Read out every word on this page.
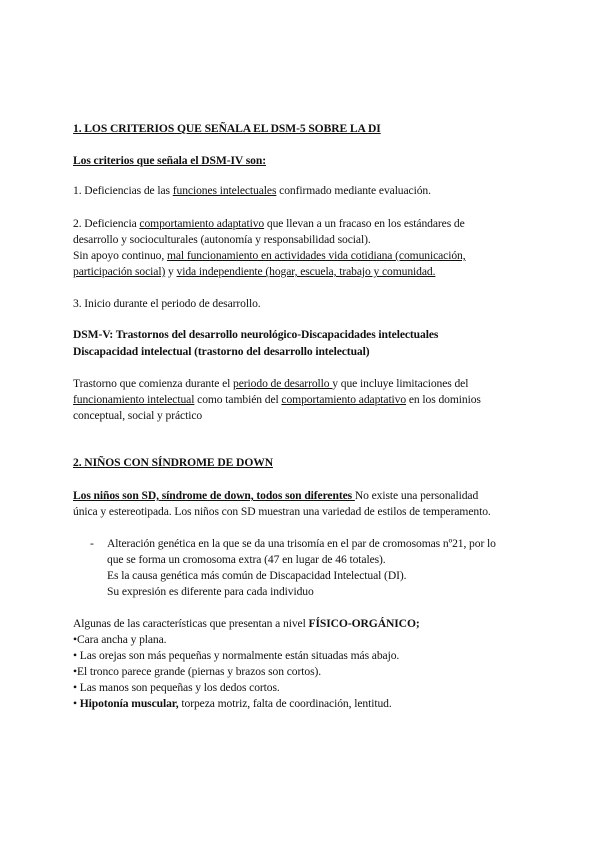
1. LOS CRITERIOS QUE SEÑALA EL DSM-5 SOBRE LA DI
Los criterios que señala el DSM-IV son:
1. Deficiencias de las funciones intelectuales confirmado mediante evaluación.
2. Deficiencia comportamiento adaptativo que llevan a un fracaso en los estándares de
desarrollo y socioculturales (autonomía y responsabilidad social).
Sin apoyo continuo, mal funcionamiento en actividades vida cotidiana (comunicación,
participación social) y vida independiente (hogar, escuela, trabajo y comunidad.
3. Inicio durante el periodo de desarrollo.
DSM-V: Trastornos del desarrollo neurológico-Discapacidades intelectuales
Discapacidad intelectual (trastorno del desarrollo intelectual)
Trastorno que comienza durante el periodo de desarrollo y que incluye limitaciones del
funcionamiento intelectual como también del comportamiento adaptativo en los dominios
conceptual, social y práctico
2. NIÑOS CON SÍNDROME DE DOWN
Los niños son SD, síndrome de down, todos son diferentes No existe una personalidad
única y estereotipada. Los niños con SD muestran una variedad de estilos de temperamento.
- Alteración genética en la que se da una trisomía en el par de cromosomas nº21, por lo
que se forma un cromosoma extra (47 en lugar de 46 totales).
Es la causa genética más común de Discapacidad Intelectual (DI).
Su expresión es diferente para cada individuo
Algunas de las características que presentan a nivel FÍSICO-ORGÁNICO;
•Cara ancha y plana.
• Las orejas son más pequeñas y normalmente están situadas más abajo.
•El tronco parece grande (piernas y brazos son cortos).
• Las manos son pequeñas y los dedos cortos.
• Hipotonía muscular, torpeza motriz, falta de coordinación, lentitud.
